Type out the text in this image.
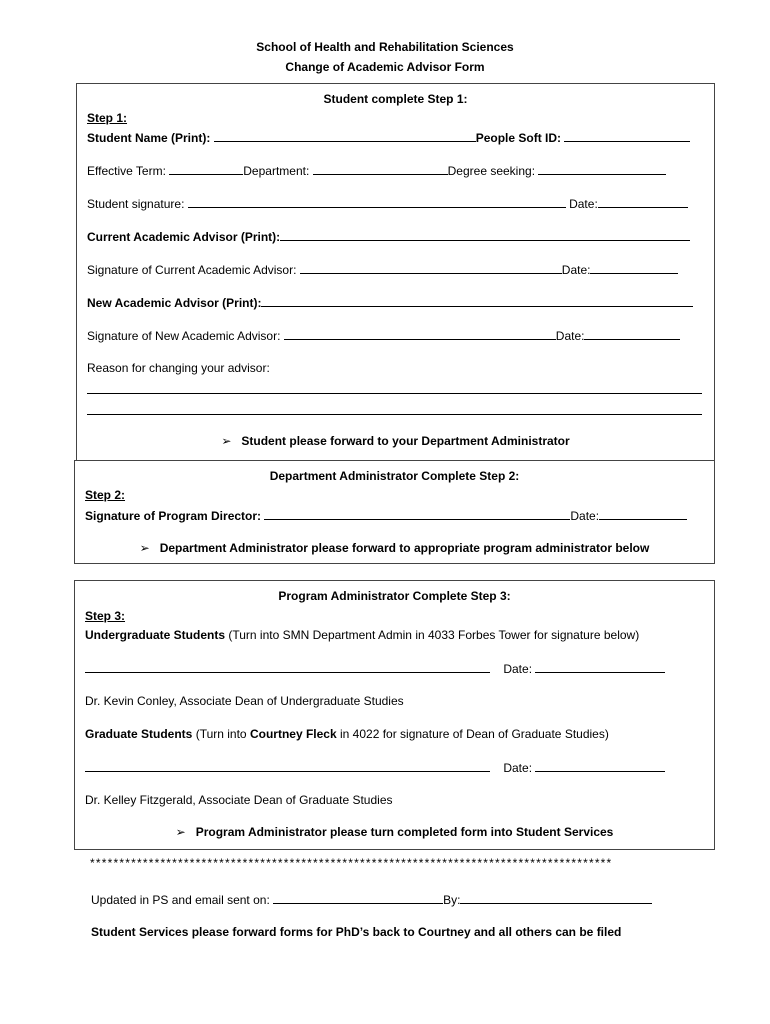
School of Health and Rehabilitation Sciences
Change of Academic Advisor Form
Student complete Step 1:
Step 1:
Student Name (Print):	People Soft ID:
Effective Term:	Department:	Degree seeking:
Student signature:	Date:
Current Academic Advisor (Print):
Signature of Current Academic Advisor:	Date:
New Academic Advisor (Print):
Signature of New Academic Advisor:	Date:
Reason for changing your advisor:
➢ Student please forward to your Department Administrator
Department Administrator Complete Step 2:
Step 2:
Signature of Program Director:	Date:
➢ Department Administrator please forward to appropriate program administrator below
Program Administrator Complete Step 3:
Step 3:
Undergraduate Students (Turn into SMN Department Admin in 4033 Forbes Tower for signature below)
Date:
Dr. Kevin Conley, Associate Dean of Undergraduate Studies
Graduate Students (Turn into Courtney Fleck in 4022 for signature of Dean of Graduate Studies)
Date:
Dr. Kelley Fitzgerald, Associate Dean of Graduate Studies
➢ Program Administrator please turn completed form into Student Services
*****************************************************************************************
Updated in PS and email sent on:	By:
Student Services please forward forms for PhD’s back to Courtney and all others can be filed
